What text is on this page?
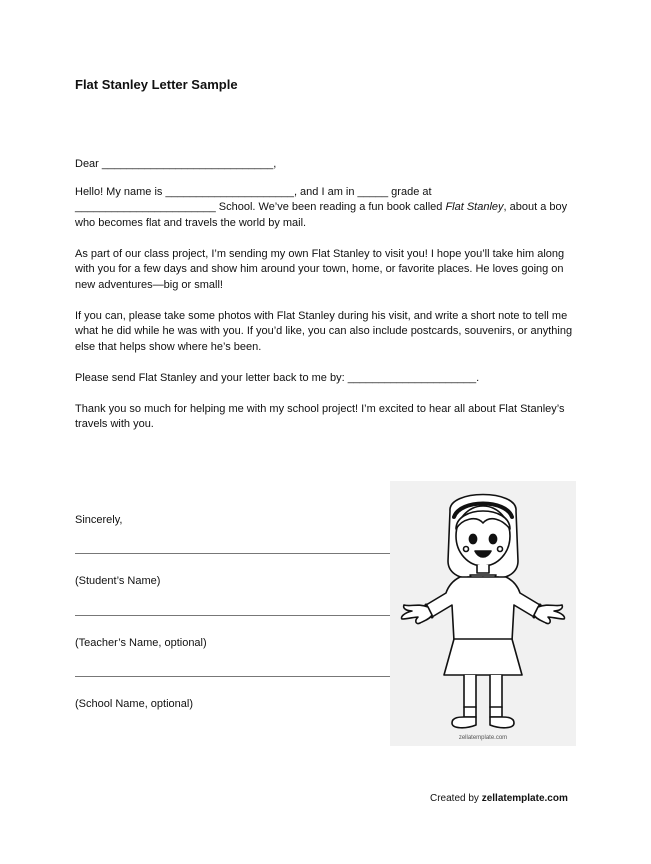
Flat Stanley Letter Sample

Dear ____________________________,

Hello! My name is _____________________, and I am in _____ grade at _______________________ School. We’ve been reading a fun book called Flat Stanley, about a boy who becomes flat and travels the world by mail.

As part of our class project, I’m sending my own Flat Stanley to visit you! I hope you’ll take him along with you for a few days and show him around your town, home, or favorite places. He loves going on new adventures—big or small!

If you can, please take some photos with Flat Stanley during his visit, and write a short note to tell me what he did while he was with you. If you’d like, you can also include postcards, souvenirs, or anything else that helps show where he’s been.

Please send Flat Stanley and your letter back to me by: _____________________.

Thank you so much for helping me with my school project! I’m excited to hear all about Flat Stanley’s travels with you.

Sincerely,
(Student’s Name)
(Teacher’s Name, optional)
(School Name, optional)
zellatemplate.com
Created by zellatemplate.com
